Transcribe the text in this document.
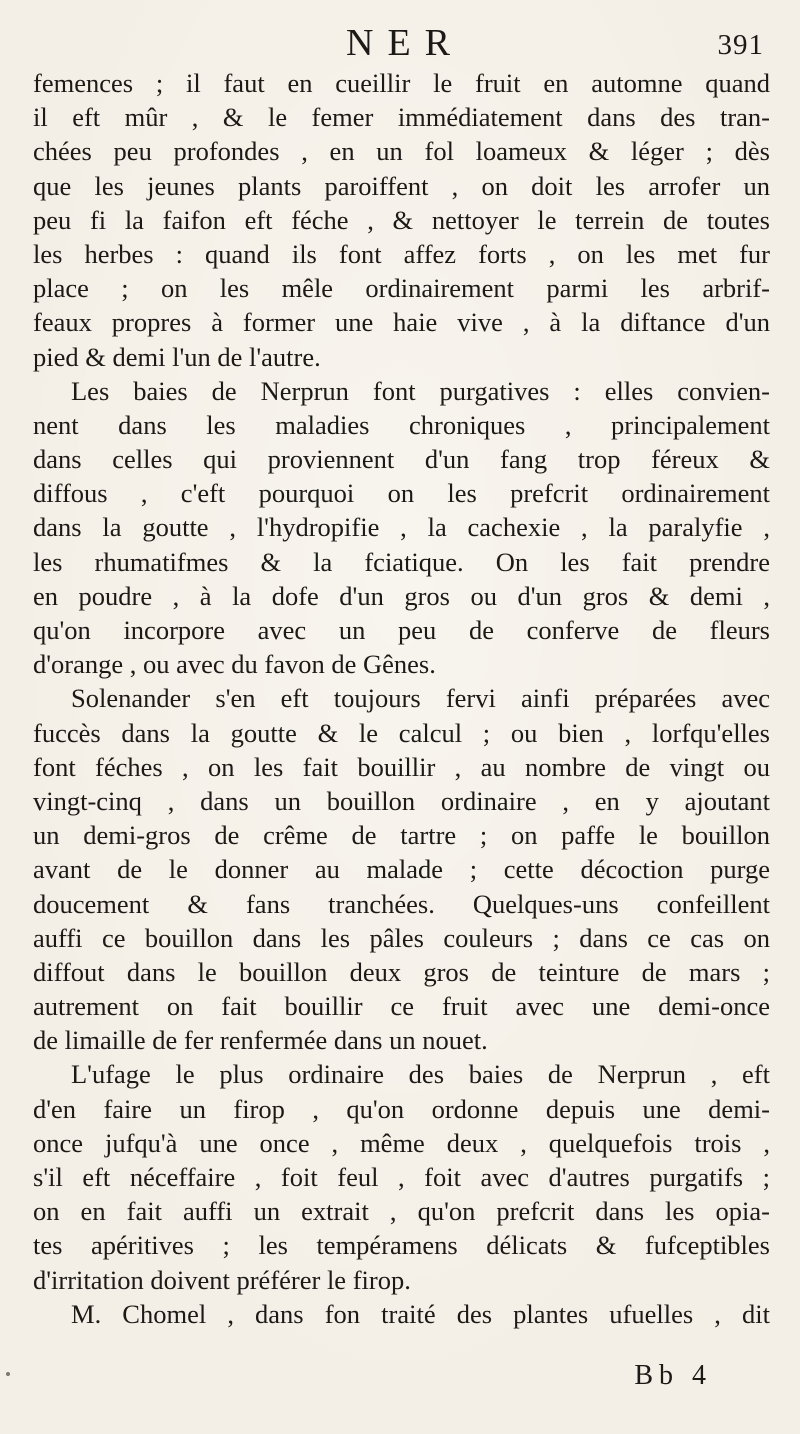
NER	391
femences ; il faut en cueillir le fruit en automne quand
il eft mûr , & le femer immédiatement dans des tran-
chées peu profondes , en un fol loameux & léger ; dès
que les jeunes plants paroiffent , on doit les arrofer un
peu fi la faifon eft féche , & nettoyer le terrein de toutes
les herbes : quand ils font affez forts , on les met fur
place ; on les mêle ordinairement parmi les arbrif-
feaux propres à former une haie vive , à la diftance d'un
pied & demi l'un de l'autre.
Les baies de Nerprun font purgatives : elles convien-
nent dans les maladies chroniques , principalement
dans celles qui proviennent d'un fang trop féreux &
diffous , c'eft pourquoi on les prefcrit ordinairement
dans la goutte , l'hydropifie , la cachexie , la paralyfie ,
les rhumatifmes & la fciatique. On les fait prendre
en poudre , à la dofe d'un gros ou d'un gros & demi ,
qu'on incorpore avec un peu de conferve de fleurs
d'orange , ou avec du favon de Gênes.
Solenander s'en eft toujours fervi ainfi préparées avec
fuccès dans la goutte & le calcul ; ou bien , lorfqu'elles
font féches , on les fait bouillir , au nombre de vingt ou
vingt-cinq , dans un bouillon ordinaire , en y ajoutant
un demi-gros de crême de tartre ; on paffe le bouillon
avant de le donner au malade ; cette décoction purge
doucement & fans tranchées. Quelques-uns confeillent
auffi ce bouillon dans les pâles couleurs ; dans ce cas on
diffout dans le bouillon deux gros de teinture de mars ;
autrement on fait bouillir ce fruit avec une demi-once
de limaille de fer renfermée dans un nouet.
L'ufage le plus ordinaire des baies de Nerprun , eft
d'en faire un firop , qu'on ordonne depuis une demi-
once jufqu'à une once , même deux , quelquefois trois ,
s'il eft néceffaire , foit feul , foit avec d'autres purgatifs ;
on en fait auffi un extrait , qu'on prefcrit dans les opia-
tes apéritives ; les tempéramens délicats & fufceptibles
d'irritation doivent préférer le firop.
M. Chomel , dans fon traité des plantes ufuelles , dit
Bb 4
